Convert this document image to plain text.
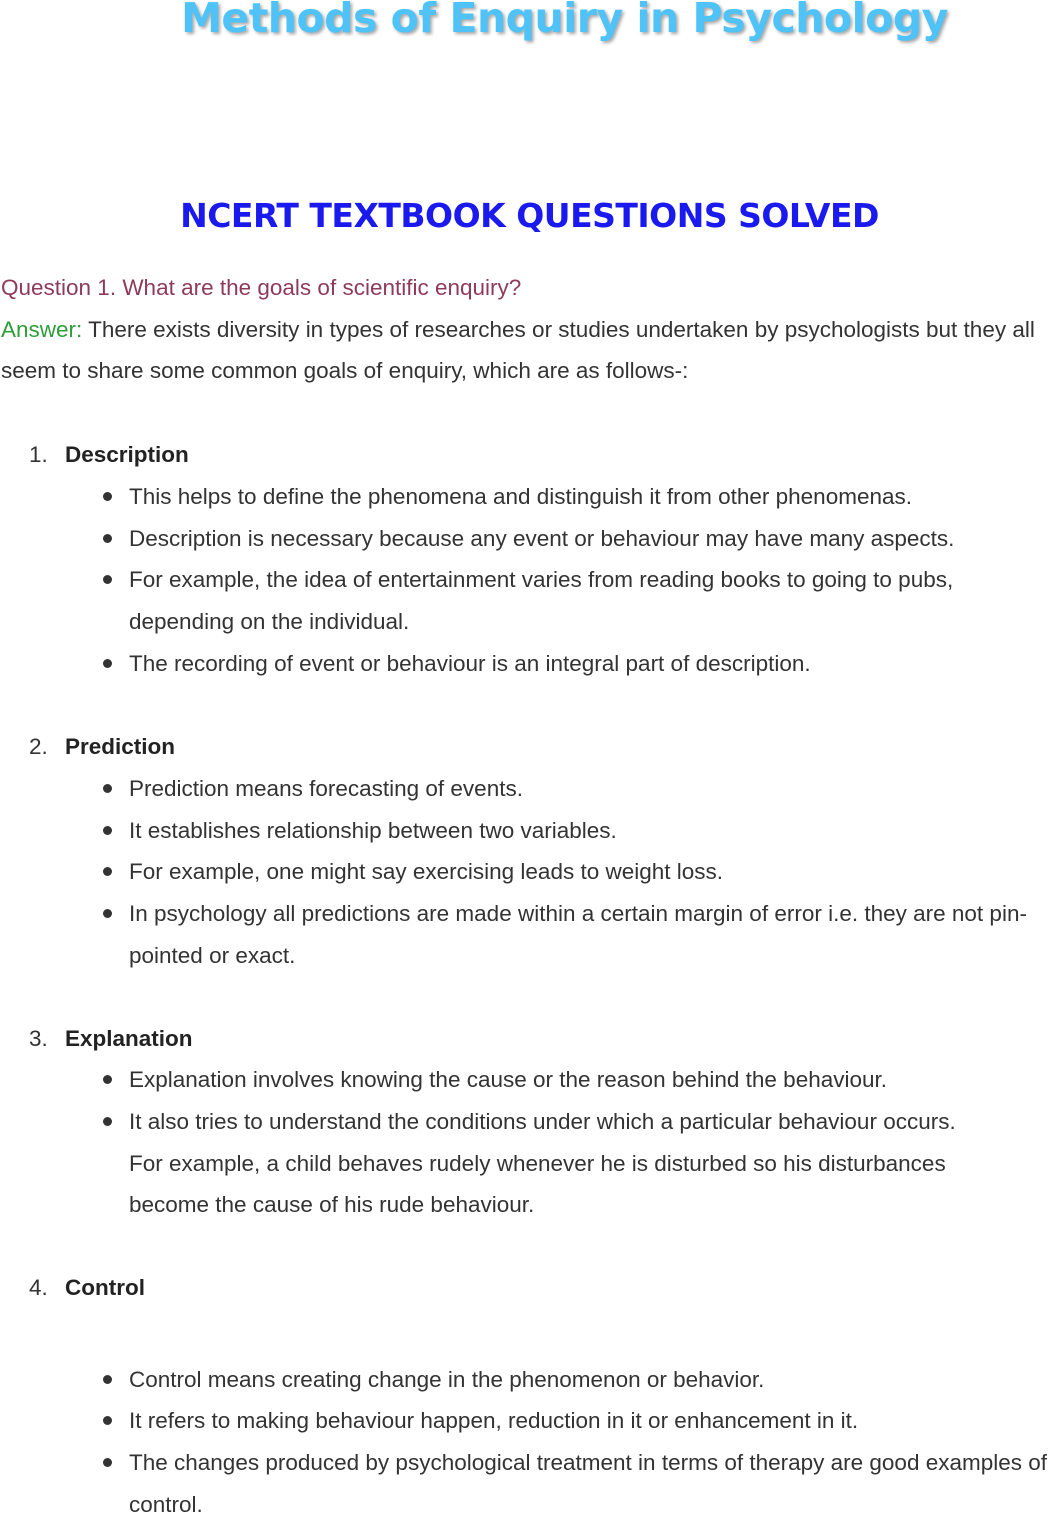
Methods of Enquiry in Psychology
NCERT TEXTBOOK QUESTIONS SOLVED

Question 1. What are the goals of scientific enquiry?

Answer: There exists diversity in types of researches or studies undertaken by psychologists but they all seem to share some common goals of enquiry, which are as follows-:

1. Description
This helps to define the phenomena and distinguish it from other phenomenas.
Description is necessary because any event or behaviour may have many aspects.
For example, the idea of entertainment varies from reading books to going to pubs, depending on the individual.
The recording of event or behaviour is an integral part of description.
2. Prediction
Prediction means forecasting of events.
It establishes relationship between two variables.
For example, one might say exercising leads to weight loss.
In psychology all predictions are made within a certain margin of error i.e. they are not pin-pointed or exact.
3. Explanation
Explanation involves knowing the cause or the reason behind the behaviour.
It also tries to understand the conditions under which a particular behaviour occurs. For example, a child behaves rudely whenever he is disturbed so his disturbances become the cause of his rude behaviour.
4. Control
Control means creating change in the phenomenon or behavior.
It refers to making behaviour happen, reduction in it or enhancement in it.
The changes produced by psychological treatment in terms of therapy are good examples of control.
